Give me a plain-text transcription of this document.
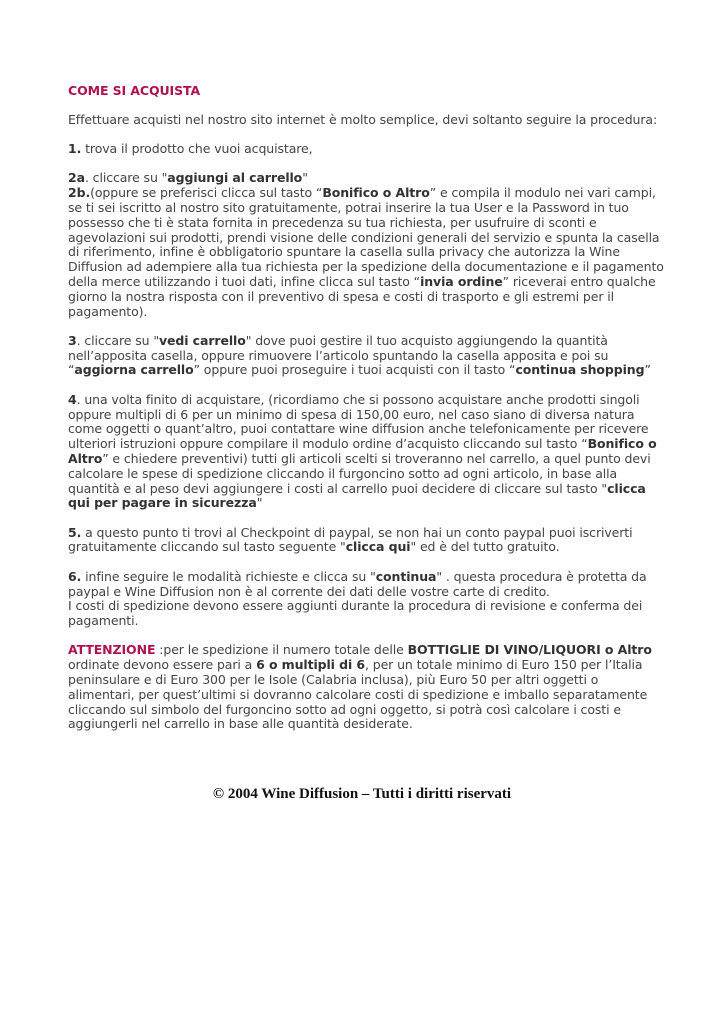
COME SI ACQUISTA

Effettuare acquisti nel nostro sito internet è molto semplice, devi soltanto seguire la procedura:

1. trova il prodotto che vuoi acquistare,

2a. cliccare su "aggiungi al carrello"
2b.(oppure se preferisci clicca sul tasto “Bonifico o Altro” e compila il modulo nei vari campi, se ti sei iscritto al nostro sito gratuitamente, potrai inserire la tua User e la Password in tuo possesso che ti è stata fornita in precedenza su tua richiesta, per usufruire di sconti e agevolazioni sui prodotti, prendi visione delle condizioni generali del servizio e spunta la casella di riferimento, infine è obbligatorio spuntare la casella sulla privacy che autorizza la Wine Diffusion ad adempiere alla tua richiesta per la spedizione della documentazione e il pagamento della merce utilizzando i tuoi dati, infine clicca sul tasto “invia ordine” riceverai entro qualche giorno la nostra risposta con il preventivo di spesa e costi di trasporto e gli estremi per il pagamento).

3. cliccare su "vedi carrello" dove puoi gestire il tuo acquisto aggiungendo la quantità nell’apposita casella, oppure rimuovere l’articolo spuntando la casella apposita e poi su “aggiorna carrello” oppure puoi proseguire i tuoi acquisti con il tasto “continua shopping”

4. una volta finito di acquistare, (ricordiamo che si possono acquistare anche prodotti singoli oppure multipli di 6 per un minimo di spesa di 150,00 euro, nel caso siano di diversa natura come oggetti o quant’altro, puoi contattare wine diffusion anche telefonicamente per ricevere ulteriori istruzioni oppure compilare il modulo ordine d’acquisto cliccando sul tasto “Bonifico o Altro” e chiedere preventivi) tutti gli articoli scelti si troveranno nel carrello, a quel punto devi calcolare le spese di spedizione cliccando il furgoncino sotto ad ogni articolo, in base alla quantità e al peso devi aggiungere i costi al carrello puoi decidere di cliccare sul tasto "clicca qui per pagare in sicurezza"

5. a questo punto ti trovi al Checkpoint di paypal, se non hai un conto paypal puoi iscriverti gratuitamente cliccando sul tasto seguente "clicca qui" ed è del tutto gratuito.

6. infine seguire le modalità richieste e clicca su "continua" . questa procedura è protetta da paypal e Wine Diffusion non è al corrente dei dati delle vostre carte di credito.
I costi di spedizione devono essere aggiunti durante la procedura di revisione e conferma dei pagamenti.

ATTENZIONE :per le spedizione il numero totale delle BOTTIGLIE DI VINO/LIQUORI o Altro ordinate devono essere pari a 6 o multipli di 6, per un totale minimo di Euro 150 per l’Italia peninsulare e di Euro 300 per le Isole (Calabria inclusa), più Euro 50 per altri oggetti o alimentari, per quest’ultimi si dovranno calcolare costi di spedizione e imballo separatamente cliccando sul simbolo del furgoncino sotto ad ogni oggetto, si potrà così calcolare i costi e aggiungerli nel carrello in base alle quantità desiderate.

© 2004 Wine Diffusion – Tutti i diritti riservati
